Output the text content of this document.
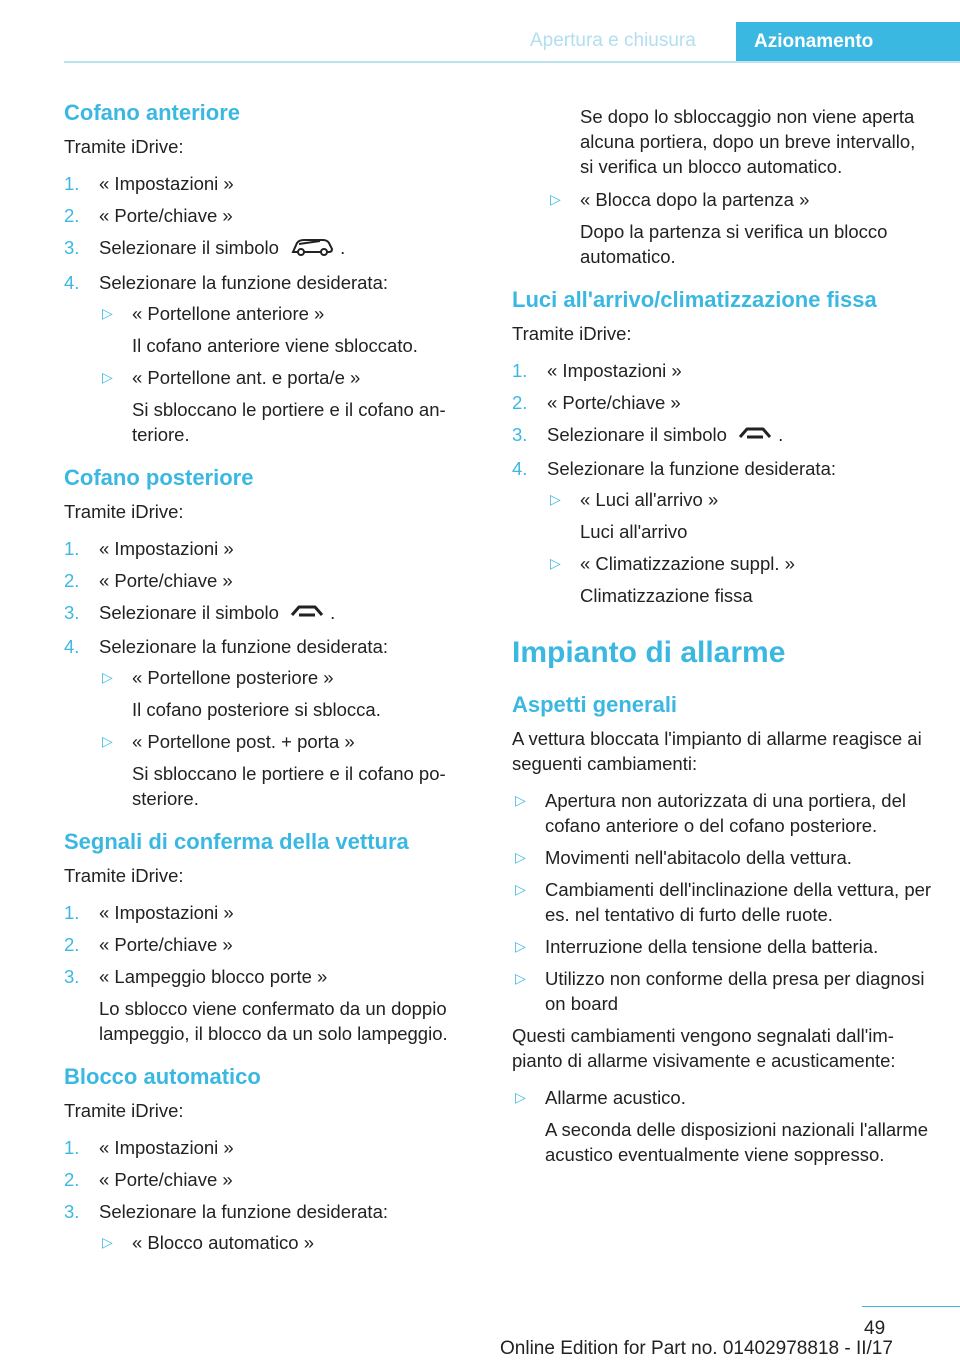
Apertura e chiusura	Azionamento
Cofano anteriore

Tramite iDrive:

1. « Impostazioni »
2. « Porte/chiave »
3. Selezionare il simbolo	.
4. Selezionare la funzione desiderata:
▷ « Portellone anteriore »
Il cofano anteriore viene sbloccato.
▷ « Portellone ant. e porta/e »
Si sbloccano le portiere e il cofano anteriore.
Cofano posteriore

Tramite iDrive:

1. « Impostazioni »
2. « Porte/chiave »
3. Selezionare il simbolo	.
4. Selezionare la funzione desiderata:
▷ « Portellone posteriore »
Il cofano posteriore si sblocca.
▷ « Portellone post. + porta »
Si sbloccano le portiere e il cofano posteriore.
Segnali di conferma della vettura

Tramite iDrive:

1. « Impostazioni »
2. « Porte/chiave »
3. « Lampeggio blocco porte »
Lo sblocco viene confermato da un doppio lampeggio, il blocco da un solo lampeggio.
Blocco automatico

Tramite iDrive:

1. « Impostazioni »
2. « Porte/chiave »
3. Selezionare la funzione desiderata:
▷ « Blocco automatico »
Se dopo lo sbloccaggio non viene aperta alcuna portiera, dopo un breve intervallo, si verifica un blocco automatico.
▷ « Blocca dopo la partenza »
Dopo la partenza si verifica un blocco automatico.
Luci all'arrivo/climatizzazione fissa

Tramite iDrive:

1. « Impostazioni »
2. « Porte/chiave »
3. Selezionare il simbolo	.
4. Selezionare la funzione desiderata:
▷ « Luci all'arrivo »
Luci all'arrivo
▷ « Climatizzazione suppl. »
Climatizzazione fissa
Impianto di allarme
Aspetti generali

A vettura bloccata l'impianto di allarme reagisce ai seguenti cambiamenti:

▷ Apertura non autorizzata di una portiera, del cofano anteriore o del cofano posteriore.
▷ Movimenti nell'abitacolo della vettura.
▷ Cambiamenti dell'inclinazione della vettura, per es. nel tentativo di furto delle ruote.
▷ Interruzione della tensione della batteria.
▷ Utilizzo non conforme della presa per diagnosi on board

Questi cambiamenti vengono segnalati dall'impianto di allarme visivamente e acusticamente:

▷ Allarme acustico.
A seconda delle disposizioni nazionali l'allarme acustico eventualmente viene soppresso.
49
Online Edition for Part no. 01402978818 - II/17
